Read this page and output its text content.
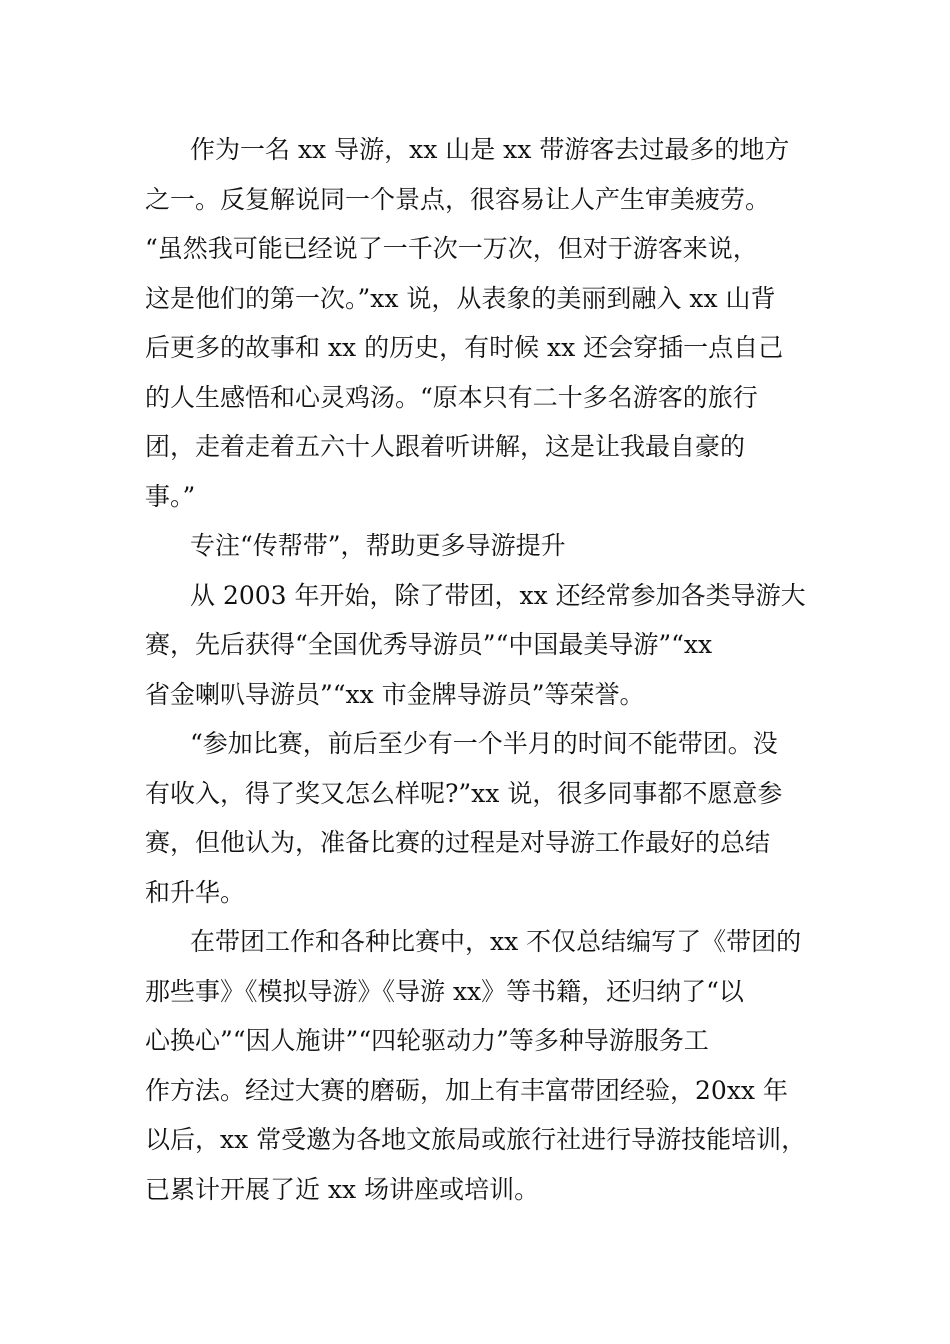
作为一名 xx 导游，xx 山是 xx 带游客去过最多的地方
之一。反复解说同一个景点，很容易让人产生审美疲劳。
“虽然我可能已经说了一千次一万次，但对于游客来说，
这是他们的第一次。”xx 说，从表象的美丽到融入 xx 山背
后更多的故事和 xx 的历史，有时候 xx 还会穿插一点自己
的人生感悟和心灵鸡汤。“原本只有二十多名游客的旅行
团，走着走着五六十人跟着听讲解，这是让我最自豪的
事。”
专注“传帮带”，帮助更多导游提升
从 2003 年开始，除了带团，xx 还经常参加各类导游大
赛，先后获得“全国优秀导游员”“中国最美导游”“xx
省金喇叭导游员”“xx 市金牌导游员”等荣誉。
“参加比赛，前后至少有一个半月的时间不能带团。没
有收入，得了奖又怎么样呢?”xx 说，很多同事都不愿意参
赛，但他认为，准备比赛的过程是对导游工作最好的总结
和升华。
在带团工作和各种比赛中，xx 不仅总结编写了《带团的
那些事》《模拟导游》《导游 xx》等书籍，还归纳了“以
心换心”“因人施讲”“四轮驱动力”等多种导游服务工
作方法。经过大赛的磨砺，加上有丰富带团经验，20xx 年
以后，xx 常受邀为各地文旅局或旅行社进行导游技能培训，
已累计开展了近 xx 场讲座或培训。
